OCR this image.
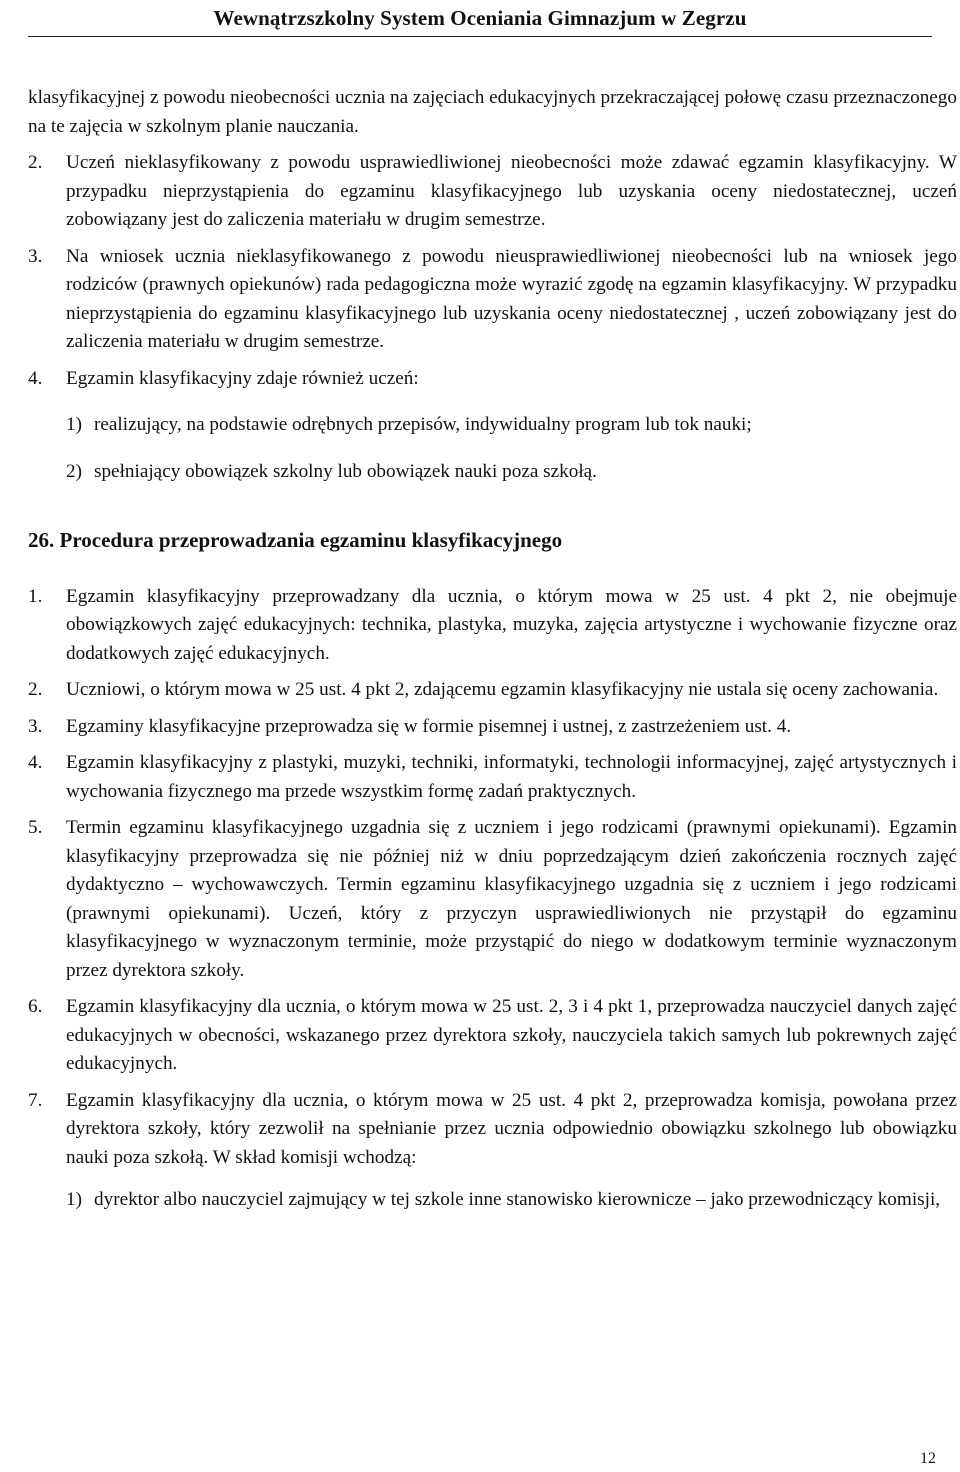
Wewnątrzszkolny System Oceniania Gimnazjum w Zegrzu

klasyfikacyjnej z powodu nieobecności ucznia na zajęciach edukacyjnych przekraczającej połowę czasu przeznaczonego na te zajęcia w szkolnym planie nauczania.

2. Uczeń nieklasyfikowany z powodu usprawiedliwionej nieobecności może zdawać egzamin klasyfikacyjny. W przypadku nieprzystąpienia do egzaminu klasyfikacyjnego lub uzyskania oceny niedostatecznej, uczeń zobowiązany jest do zaliczenia materiału w drugim semestrze.
3. Na wniosek ucznia nieklasyfikowanego z powodu nieusprawiedliwionej nieobecności lub na wniosek jego rodziców (prawnych opiekunów) rada pedagogiczna może wyrazić zgodę na egzamin klasyfikacyjny. W przypadku nieprzystąpienia do egzaminu klasyfikacyjnego lub uzyskania oceny niedostatecznej , uczeń zobowiązany jest do zaliczenia materiału w drugim semestrze.
4. Egzamin klasyfikacyjny zdaje również uczeń:
1) realizujący, na podstawie odrębnych przepisów, indywidualny program lub tok nauki;
2) spełniający obowiązek szkolny lub obowiązek nauki poza szkołą.

26. Procedura przeprowadzania egzaminu klasyfikacyjnego

1. Egzamin klasyfikacyjny przeprowadzany dla ucznia, o którym mowa w 25 ust. 4 pkt 2, nie obejmuje obowiązkowych zajęć edukacyjnych: technika, plastyka, muzyka, zajęcia artystyczne i wychowanie fizyczne oraz dodatkowych zajęć edukacyjnych.
2. Uczniowi, o którym mowa w 25 ust. 4 pkt 2, zdającemu egzamin klasyfikacyjny nie ustala się oceny zachowania.
3. Egzaminy klasyfikacyjne przeprowadza się w formie pisemnej i ustnej, z zastrzeżeniem ust. 4.
4. Egzamin klasyfikacyjny z plastyki, muzyki, techniki, informatyki, technologii informacyjnej, zajęć artystycznych i wychowania fizycznego ma przede wszystkim formę zadań praktycznych.
5. Termin egzaminu klasyfikacyjnego uzgadnia się z uczniem i jego rodzicami (prawnymi opiekunami). Egzamin klasyfikacyjny przeprowadza się nie później niż w dniu poprzedzającym dzień zakończenia rocznych zajęć dydaktyczno – wychowawczych. Termin egzaminu klasyfikacyjnego uzgadnia się z uczniem i jego rodzicami (prawnymi opiekunami). Uczeń, który z przyczyn usprawiedliwionych nie przystąpił do egzaminu klasyfikacyjnego w wyznaczonym terminie, może przystąpić do niego w dodatkowym terminie wyznaczonym przez dyrektora szkoły.
6. Egzamin klasyfikacyjny dla ucznia, o którym mowa w 25 ust. 2, 3 i 4 pkt 1, przeprowadza nauczyciel danych zajęć edukacyjnych w obecności, wskazanego przez dyrektora szkoły, nauczyciela takich samych lub pokrewnych zajęć edukacyjnych.
7. Egzamin klasyfikacyjny dla ucznia, o którym mowa w 25 ust. 4 pkt 2, przeprowadza komisja, powołana przez dyrektora szkoły, który zezwolił na spełnianie przez ucznia odpowiednio obowiązku szkolnego lub obowiązku nauki poza szkołą. W skład komisji wchodzą:
1) dyrektor albo nauczyciel zajmujący w tej szkole inne stanowisko kierownicze – jako przewodniczący komisji,
12
